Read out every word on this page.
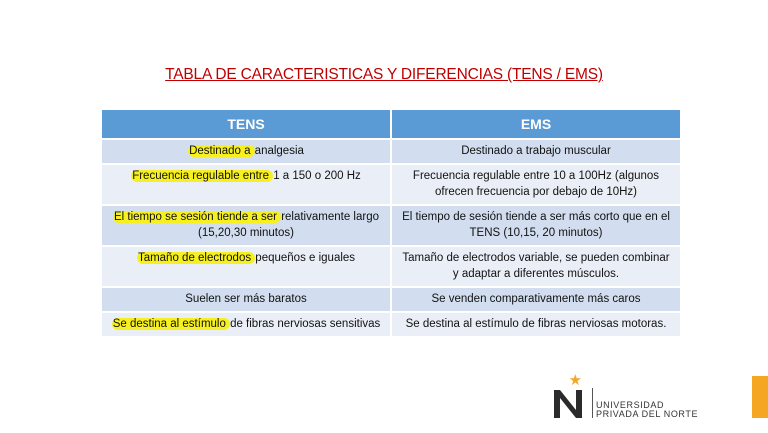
TABLA DE CARACTERISTICAS Y DIFERENCIAS (TENS / EMS)
TENS	EMS
Destinado a analgesia	Destinado a trabajo muscular
Frecuencia regulable entre 1 a 150 o 200 Hz	Frecuencia regulable entre 10 a 100Hz (algunos ofrecen frecuencia por debajo de 10Hz)
El tiempo se sesión tiende a ser relativamente largo (15,20,30 minutos)	El tiempo de sesión tiende a ser más corto que en el TENS (10,15, 20 minutos)
Tamaño de electrodos pequeños e iguales	Tamaño de electrodos variable, se pueden combinar y adaptar a diferentes músculos.
Suelen ser más baratos	Se venden comparativamente más caros
Se destina al estímulo de fibras nerviosas sensitivas	Se destina al estímulo de fibras nerviosas motoras.
UNIVERSIDAD
PRIVADA DEL NORTE
